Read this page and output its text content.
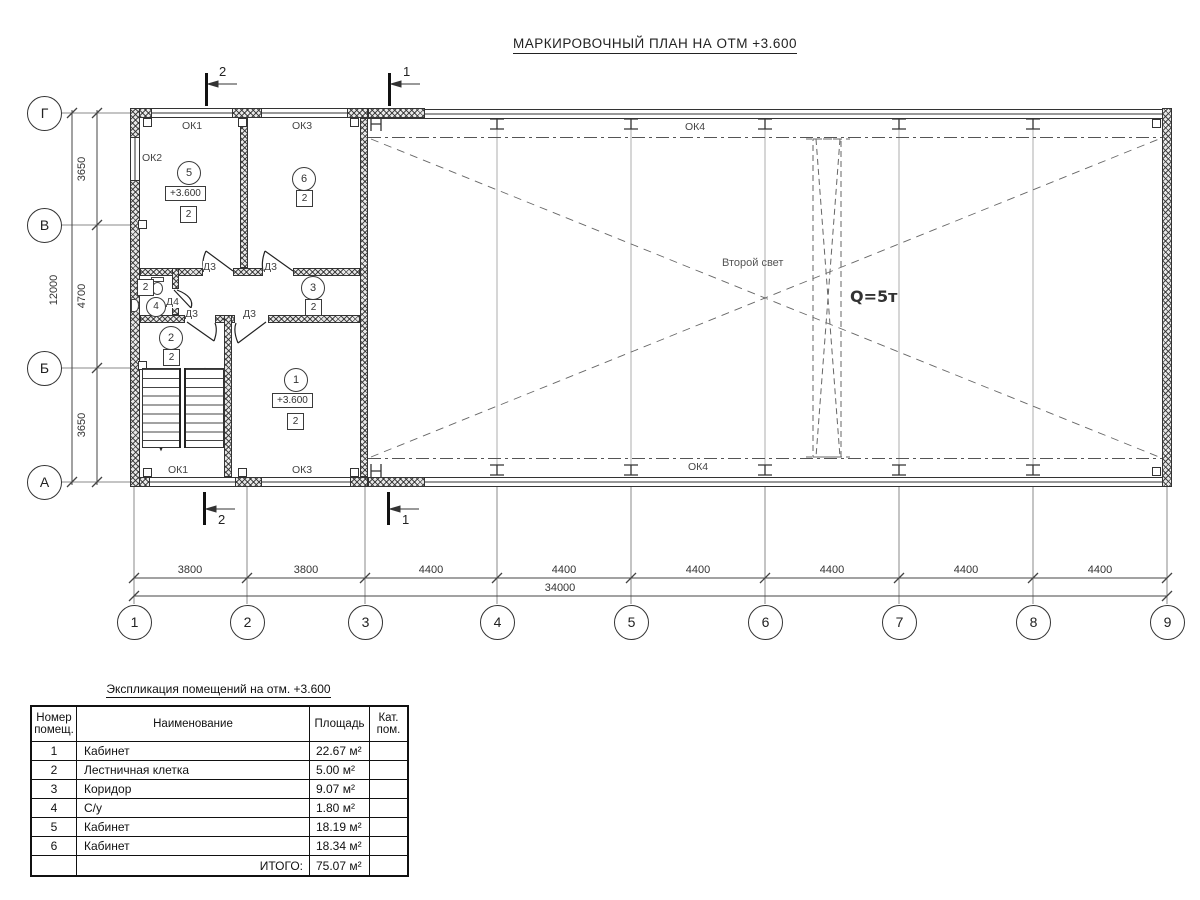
МАРКИРОВОЧНЫЙ ПЛАН НА ОТМ +3.600
5
+3.600
2
6
2
3
2
2
2
1
+3.600
2
2
4
ОК1	ОК3
ОК2
ОК1	ОК3
ОК4
ОК4
Д3	Д3
Д3	Д3
Д4
Второй свет
Q=5т
2	1
2	1
3800	3800	4400	4400	4400	4400	4400	4400
34000
3650
4700
3650
12000
1	2	3	4	5	6	7	8	9
Г
В
Б
А
Экспликация помещений на отм. +3.600
Номер
помещ.
Наименование	Площадь
Кат.
пом.
1	Кабинет	22.67 м²
2	Лестничная клетка	5.00 м²
3	Коридор	9.07 м²
4	С/у	1.80 м²
5	Кабинет	18.19 м²
6	Кабинет	18.34 м²
ИТОГО:	75.07 м²
